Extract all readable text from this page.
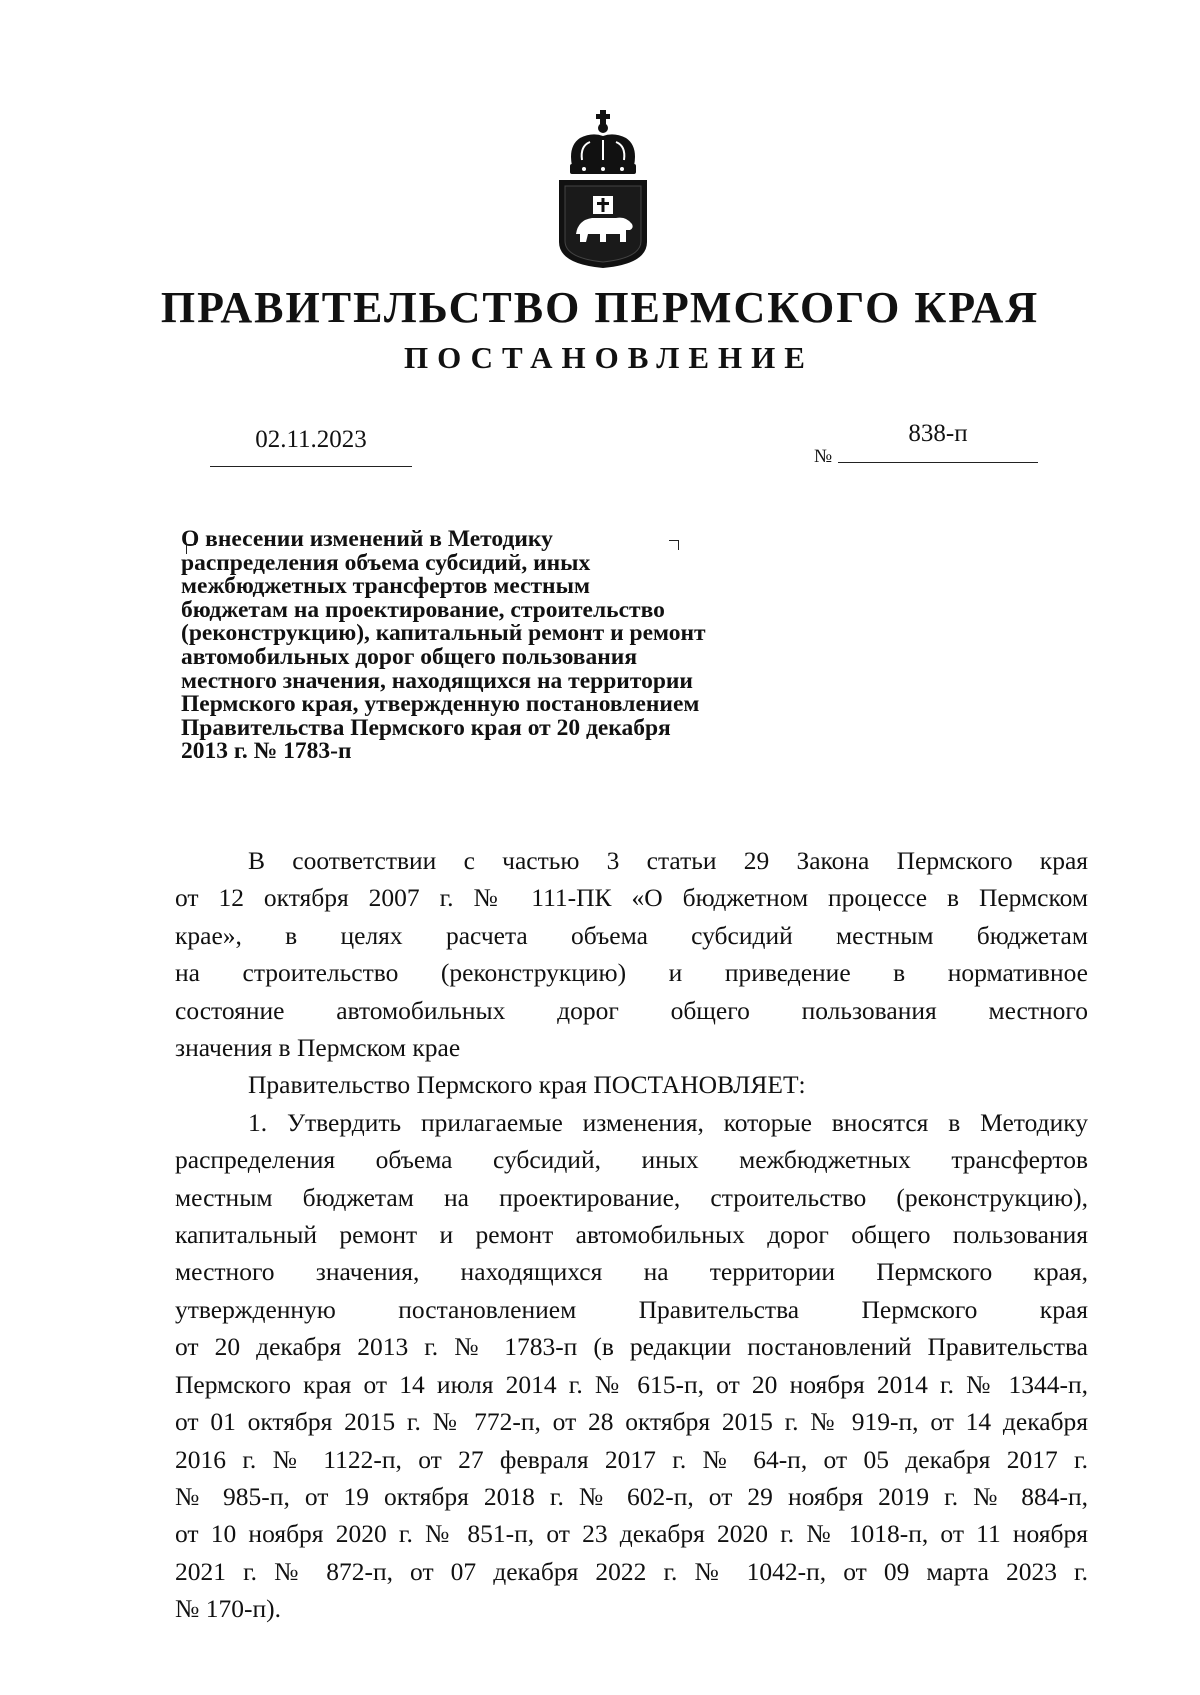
ПРАВИТЕЛЬСТВО ПЕРМСКОГО КРАЯ
ПОСТАНОВЛЕНИЕ
02.11.2023
№
838-п
О внесении изменений в Методику
распределения объема субсидий, иных
межбюджетных трансфертов местным
бюджетам на проектирование, строительство
(реконструкцию), капитальный ремонт и ремонт
автомобильных дорог общего пользования
местного значения, находящихся на территории
Пермского края, утвержденную постановлением
Правительства Пермского края от 20 декабря
2013 г. № 1783-п
В соответствии с частью 3 статьи 29 Закона Пермского края
от 12 октября 2007 г. № 111-ПК «О бюджетном процессе в Пермском
крае», в целях расчета объема субсидий местным бюджетам
на строительство (реконструкцию) и приведение в нормативное
состояние автомобильных дорог общего пользования местного
значения в Пермском крае
Правительство Пермского края ПОСТАНОВЛЯЕТ:
1. Утвердить прилагаемые изменения, которые вносятся в Методику
распределения объема субсидий, иных межбюджетных трансфертов
местным бюджетам на проектирование, строительство (реконструкцию),
капитальный ремонт и ремонт автомобильных дорог общего пользования
местного значения, находящихся на территории Пермского края,
утвержденную постановлением Правительства Пермского края
от 20 декабря 2013 г. № 1783-п (в редакции постановлений Правительства
Пермского края от 14 июля 2014 г. № 615-п, от 20 ноября 2014 г. № 1344-п,
от 01 октября 2015 г. № 772-п, от 28 октября 2015 г. № 919-п, от 14 декабря
2016 г. № 1122-п, от 27 февраля 2017 г. № 64-п, от 05 декабря 2017 г.
№ 985-п, от 19 октября 2018 г. № 602-п, от 29 ноября 2019 г. № 884-п,
от 10 ноября 2020 г. № 851-п, от 23 декабря 2020 г. № 1018-п, от 11 ноября
2021 г. № 872-п, от 07 декабря 2022 г. № 1042-п, от 09 марта 2023 г.
№ 170-п).
